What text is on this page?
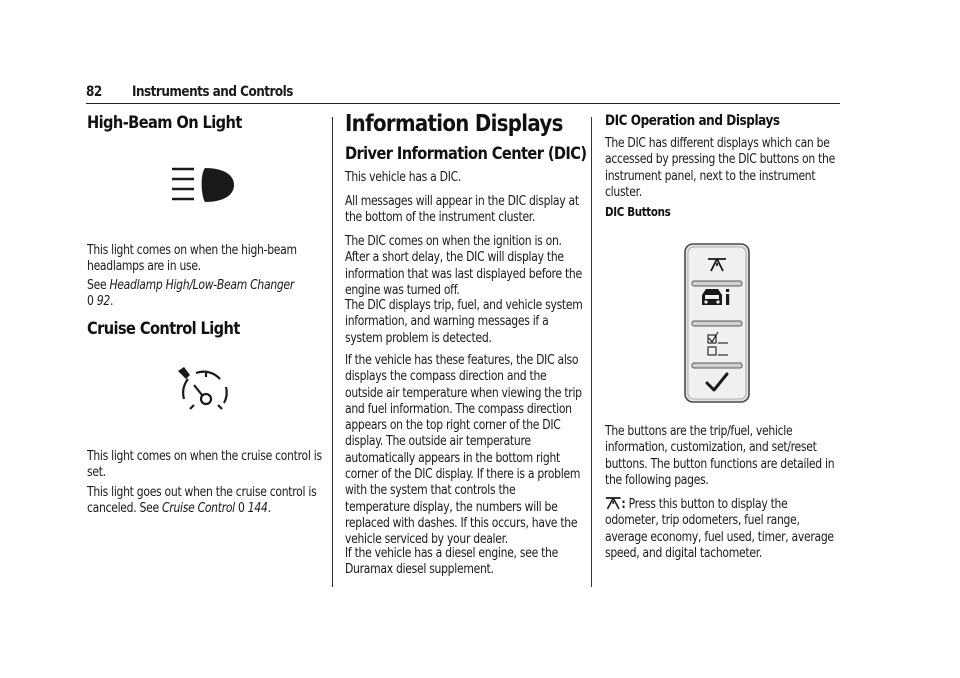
82 Instruments and Controls
High-Beam On Light
This light comes on when the high-beam headlamps are in use.
See Headlamp High/Low-Beam Changer
0 92.
Cruise Control Light
This light comes on when the cruise control is set.
This light goes out when the cruise control is canceled. See Cruise Control 0 144.
Information Displays
Driver Information Center (DIC)
This vehicle has a DIC.
All messages will appear in the DIC display at the bottom of the instrument cluster.
The DIC comes on when the ignition is on. After a short delay, the DIC will display the information that was last displayed before the engine was turned off.
The DIC displays trip, fuel, and vehicle system information, and warning messages if a system problem is detected.
If the vehicle has these features, the DIC also displays the compass direction and the outside air temperature when viewing the trip and fuel information. The compass direction appears on the top right corner of the DIC display. The outside air temperature automatically appears in the bottom right corner of the DIC display. If there is a problem with the system that controls the temperature display, the numbers will be replaced with dashes. If this occurs, have the vehicle serviced by your dealer.
If the vehicle has a diesel engine, see the Duramax diesel supplement.
DIC Operation and Displays
The DIC has different displays which can be accessed by pressing the DIC buttons on the instrument panel, next to the instrument cluster.
DIC Buttons
The buttons are the trip/fuel, vehicle information, customization, and set/reset buttons. The button functions are detailed in the following pages.
: Press this button to display the odometer, trip odometers, fuel range, average economy, fuel used, timer, average speed, and digital tachometer.
